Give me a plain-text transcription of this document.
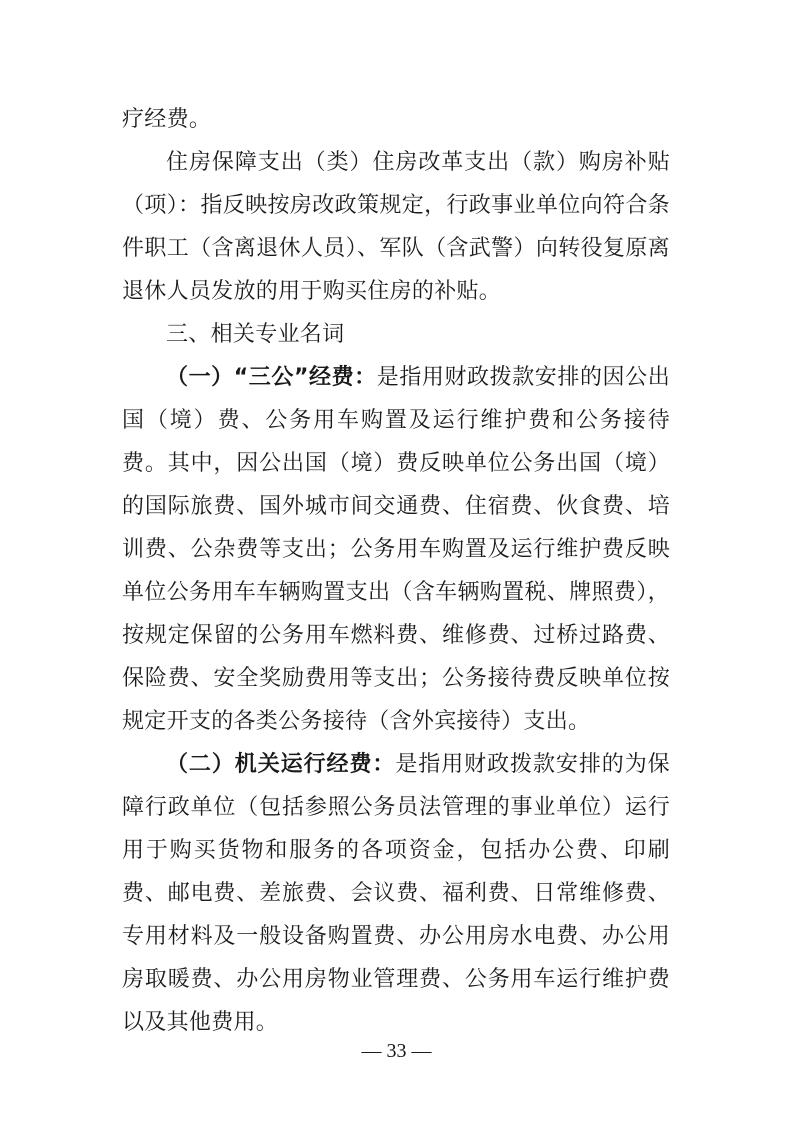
疗经费。

住房保障支出（类）住房改革支出（款）购房补贴（项）：指反映按房改政策规定，行政事业单位向符合条件职工（含离退休人员）、军队（含武警）向转役复原离退休人员发放的用于购买住房的补贴。

三、相关专业名词

（一）“三公”经费：是指用财政拨款安排的因公出国（境）费、公务用车购置及运行维护费和公务接待费。其中，因公出国（境）费反映单位公务出国（境）的国际旅费、国外城市间交通费、住宿费、伙食费、培训费、公杂费等支出；公务用车购置及运行维护费反映单位公务用车车辆购置支出（含车辆购置税、牌照费），按规定保留的公务用车燃料费、维修费、过桥过路费、保险费、安全奖励费用等支出；公务接待费反映单位按规定开支的各类公务接待（含外宾接待）支出。

（二）机关运行经费：是指用财政拨款安排的为保障行政单位（包括参照公务员法管理的事业单位）运行用于购买货物和服务的各项资金，包括办公费、印刷费、邮电费、差旅费、会议费、福利费、日常维修费、专用材料及一般设备购置费、办公用房水电费、办公用房取暖费、办公用房物业管理费、公务用车运行维护费以及其他费用。

— 33 —
